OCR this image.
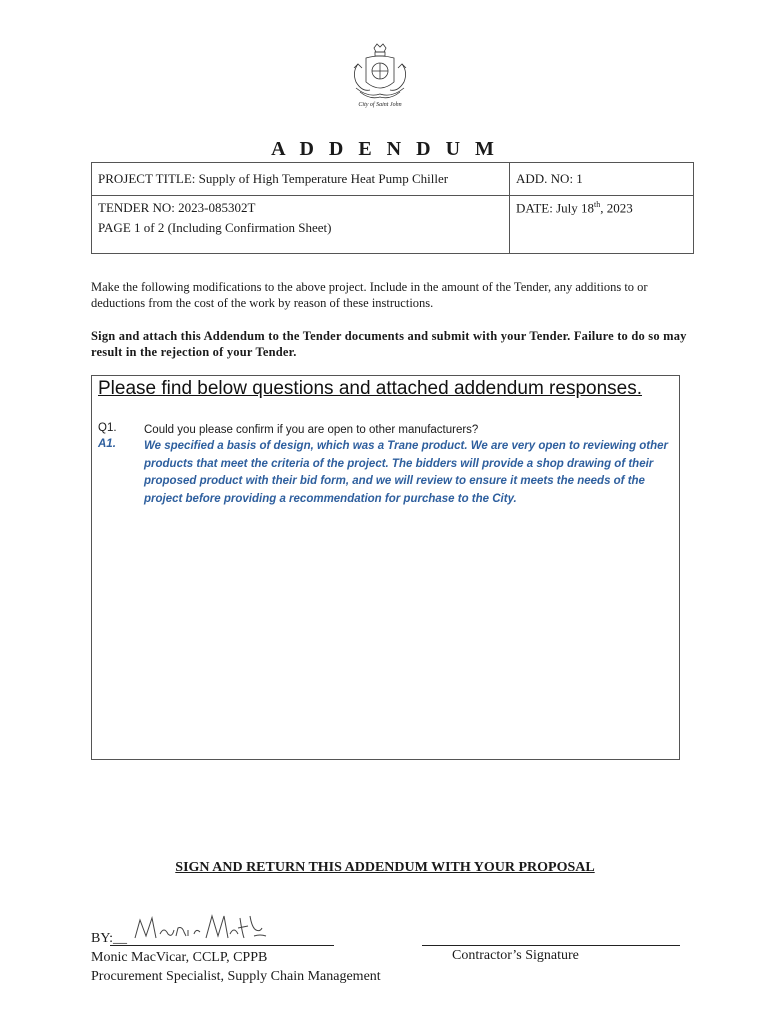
City of Saint John
A D D E N D U M
PROJECT TITLE: Supply of High Temperature Heat Pump Chiller	ADD. NO: 1
TENDER NO: 2023-085302T	DATE: July 18th, 2023
PAGE 1 of 2 (Including Confirmation Sheet)	
Make the following modifications to the above project. Include in the amount of the Tender, any additions to or deductions from the cost of the work by reason of these instructions.
Sign and attach this Addendum to the Tender documents and submit with your Tender. Failure to do so may result in the rejection of your Tender.
Please find below questions and attached addendum responses.
Q1. Could you please confirm if you are open to other manufacturers?
A1. We specified a basis of design, which was a Trane product. We are very open to reviewing other products that meet the criteria of the project. The bidders will provide a shop drawing of their proposed product with their bid form, and we will review to ensure it meets the needs of the project before providing a recommendation for purchase to the City.
SIGN AND RETURN THIS ADDENDUM WITH YOUR PROPOSAL
BY:__
Monic MacVicar, CCLP, CPPB
Procurement Specialist, Supply Chain Management
Contractor’s Signature
